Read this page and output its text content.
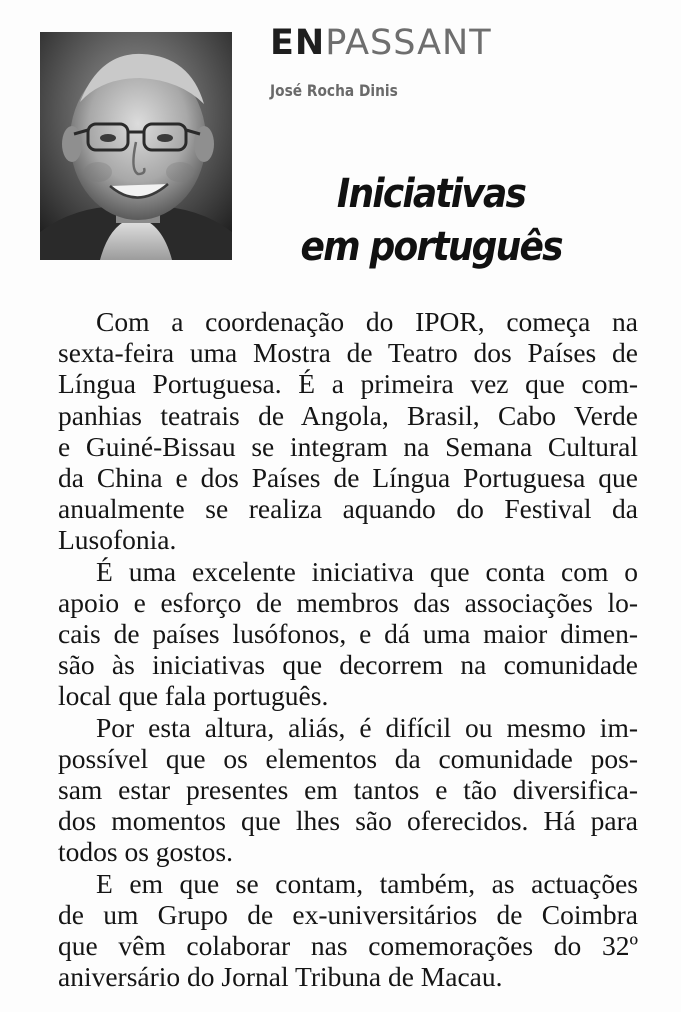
ENPASSANT
José Rocha Dinis
Iniciativas
em português

Com a coordenação do IPOR, começa na
sexta-feira uma Mostra de Teatro dos Países de
Língua Portuguesa. É a primeira vez que com-
panhias teatrais de Angola, Brasil, Cabo Verde
e Guiné-Bissau se integram na Semana Cultural
da China e dos Países de Língua Portuguesa que
anualmente se realiza aquando do Festival da
Lusofonia.

É uma excelente iniciativa que conta com o
apoio e esforço de membros das associações lo-
cais de países lusófonos, e dá uma maior dimen-
são às iniciativas que decorrem na comunidade
local que fala português.

Por esta altura, aliás, é difícil ou mesmo im-
possível que os elementos da comunidade pos-
sam estar presentes em tantos e tão diversifica-
dos momentos que lhes são oferecidos. Há para
todos os gostos.

E em que se contam, também, as actuações
de um Grupo de ex-universitários de Coimbra
que vêm colaborar nas comemorações do 32º
aniversário do Jornal Tribuna de Macau.
